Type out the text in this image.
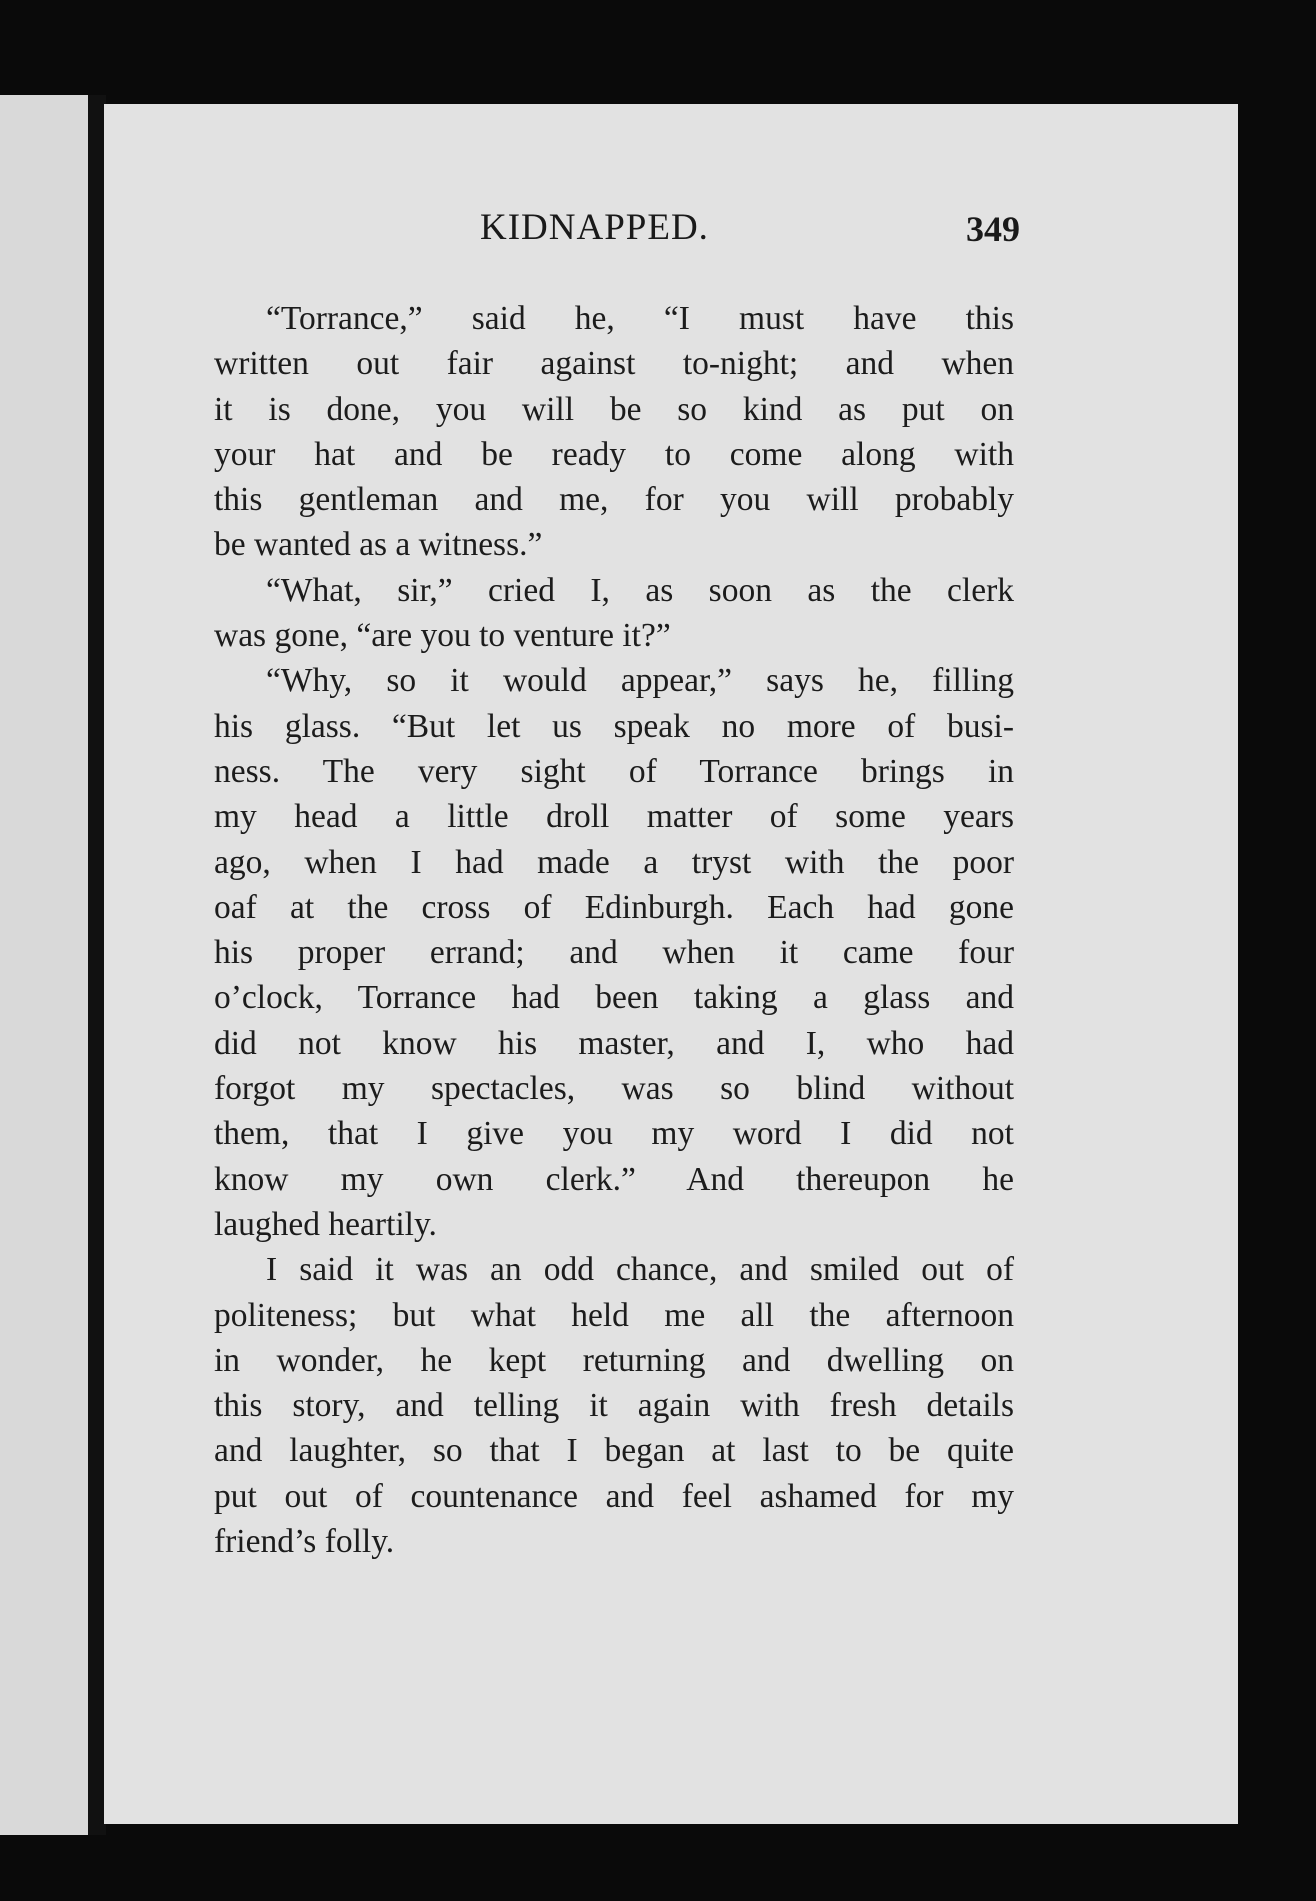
KIDNAPPED.	349
“Torrance,” said he, “I must have this
written out fair against to-night; and when
it is done, you will be so kind as put on
your hat and be ready to come along with
this gentleman and me, for you will probably
be wanted as a witness.”
“What, sir,” cried I, as soon as the clerk
was gone, “are you to venture it?”
“Why, so it would appear,” says he, filling
his glass. “But let us speak no more of busi-
ness. The very sight of Torrance brings in
my head a little droll matter of some years
ago, when I had made a tryst with the poor
oaf at the cross of Edinburgh. Each had gone
his proper errand; and when it came four
o’clock, Torrance had been taking a glass and
did not know his master, and I, who had
forgot my spectacles, was so blind without
them, that I give you my word I did not
know my own clerk.” And thereupon he
laughed heartily.
I said it was an odd chance, and smiled out of
politeness; but what held me all the afternoon
in wonder, he kept returning and dwelling on
this story, and telling it again with fresh details
and laughter, so that I began at last to be quite
put out of countenance and feel ashamed for my
friend’s folly.
